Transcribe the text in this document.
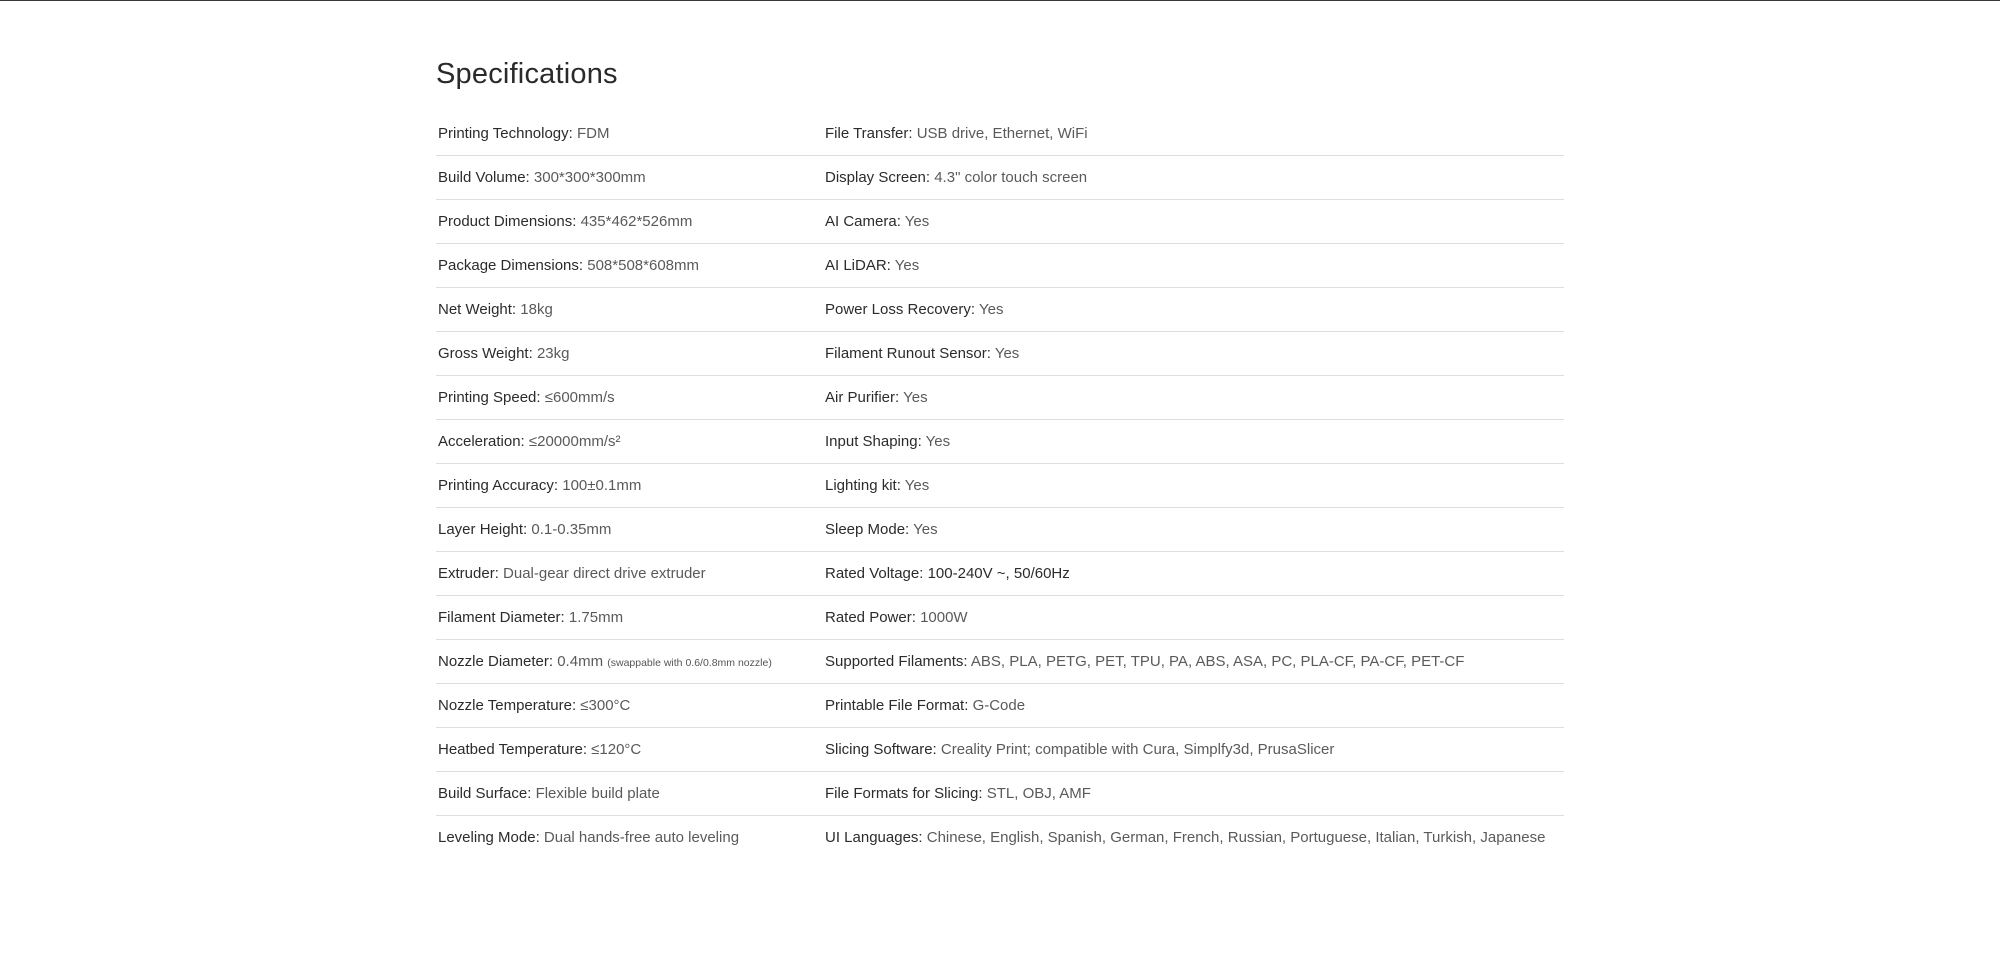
Specifications
Printing Technology: FDM	File Transfer: USB drive, Ethernet, WiFi
Build Volume: 300*300*300mm	Display Screen: 4.3" color touch screen
Product Dimensions: 435*462*526mm	AI Camera: Yes
Package Dimensions: 508*508*608mm	AI LiDAR: Yes
Net Weight: 18kg	Power Loss Recovery: Yes
Gross Weight: 23kg	Filament Runout Sensor: Yes
Printing Speed: ≤600mm/s	Air Purifier: Yes
Acceleration: ≤20000mm/s²	Input Shaping: Yes
Printing Accuracy: 100±0.1mm	Lighting kit: Yes
Layer Height: 0.1-0.35mm	Sleep Mode: Yes
Extruder: Dual-gear direct drive extruder	Rated Voltage: 100-240V ~, 50/60Hz
Filament Diameter: 1.75mm	Rated Power: 1000W
Nozzle Diameter: 0.4mm (swappable with 0.6/0.8mm nozzle)	Supported Filaments: ABS, PLA, PETG, PET, TPU, PA, ABS, ASA, PC, PLA-CF, PA-CF, PET-CF
Nozzle Temperature: ≤300°C	Printable File Format: G-Code
Heatbed Temperature: ≤120°C	Slicing Software: Creality Print; compatible with Cura, Simplfy3d, PrusaSlicer
Build Surface: Flexible build plate	File Formats for Slicing: STL, OBJ, AMF
Leveling Mode: Dual hands-free auto leveling	UI Languages: Chinese, English, Spanish, German, French, Russian, Portuguese, Italian, Turkish, Japanese
